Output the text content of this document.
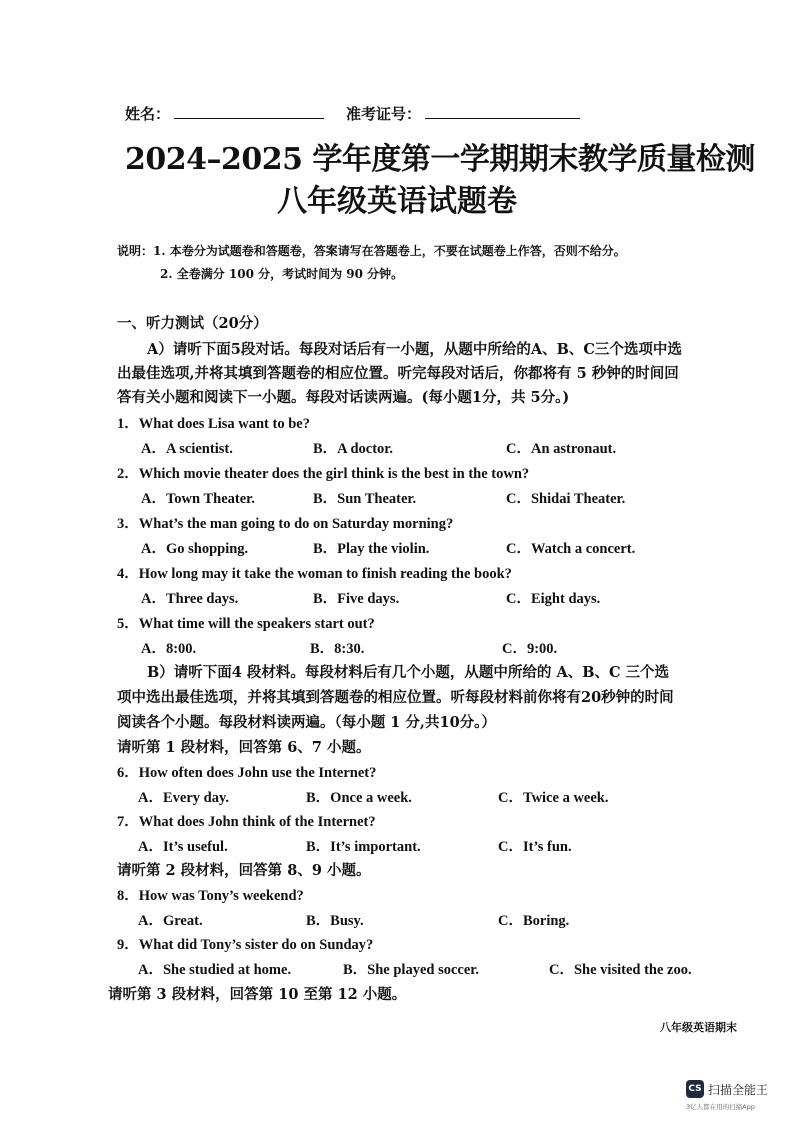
姓名：	准考证号：
2024–2025 学年度第一学期期末教学质量检测
八年级英语试题卷
说明：1. 本卷分为试题卷和答题卷，答案请写在答题卷上，不要在试题卷上作答，否则不给分。
2. 全卷满分 100 分，考试时间为 90 分钟。
一、听力测试（20分）
A）请听下面5段对话。每段对话后有一小题，从题中所给的A、B、C三个选项中选
出最佳选项,并将其填到答题卷的相应位置。听完每段对话后，你都将有 5 秒钟的时间回
答有关小题和阅读下一小题。每段对话读两遍。(每小题1分，共 5分。)
1．What does Lisa want to be?
A．A scientist.	B．A doctor.	C．An astronaut.
2．Which movie theater does the girl think is the best in the town?
A．Town Theater.	B．Sun Theater.	C．Shidai Theater.
3．What’s the man going to do on Saturday morning?
A．Go shopping.	B．Play the violin.	C．Watch a concert.
4．How long may it take the woman to finish reading the book?
A．Three days.	B．Five days.	C．Eight days.
5．What time will the speakers start out?
A．8:00.	B．8:30.	C．9:00.
B）请听下面4 段材料。每段材料后有几个小题，从题中所给的 A、B、C 三个选
项中选出最佳选项，并将其填到答题卷的相应位置。听每段材料前你将有20秒钟的时间
阅读各个小题。每段材料读两遍。（每小题 1 分,共10分。）
请听第 1 段材料，回答第 6、7 小题。
6．How often does John use the Internet?
A．Every day.	B．Once a week.	C．Twice a week.
7．What does John think of the Internet?
A．It’s useful.	B．It’s important.	C．It’s fun.
请听第 2 段材料，回答第 8、9 小题。
8．How was Tony’s weekend?
A．Great.	B．Busy.	C．Boring.
9．What did Tony’s sister do on Sunday?
A．She studied at home.	B．She played soccer.	C．She visited the zoo.
请听第 3 段材料，回答第 10 至第 12 小题。
八年级英语期末
CS 扫描全能王
3亿人都在用的扫描App
